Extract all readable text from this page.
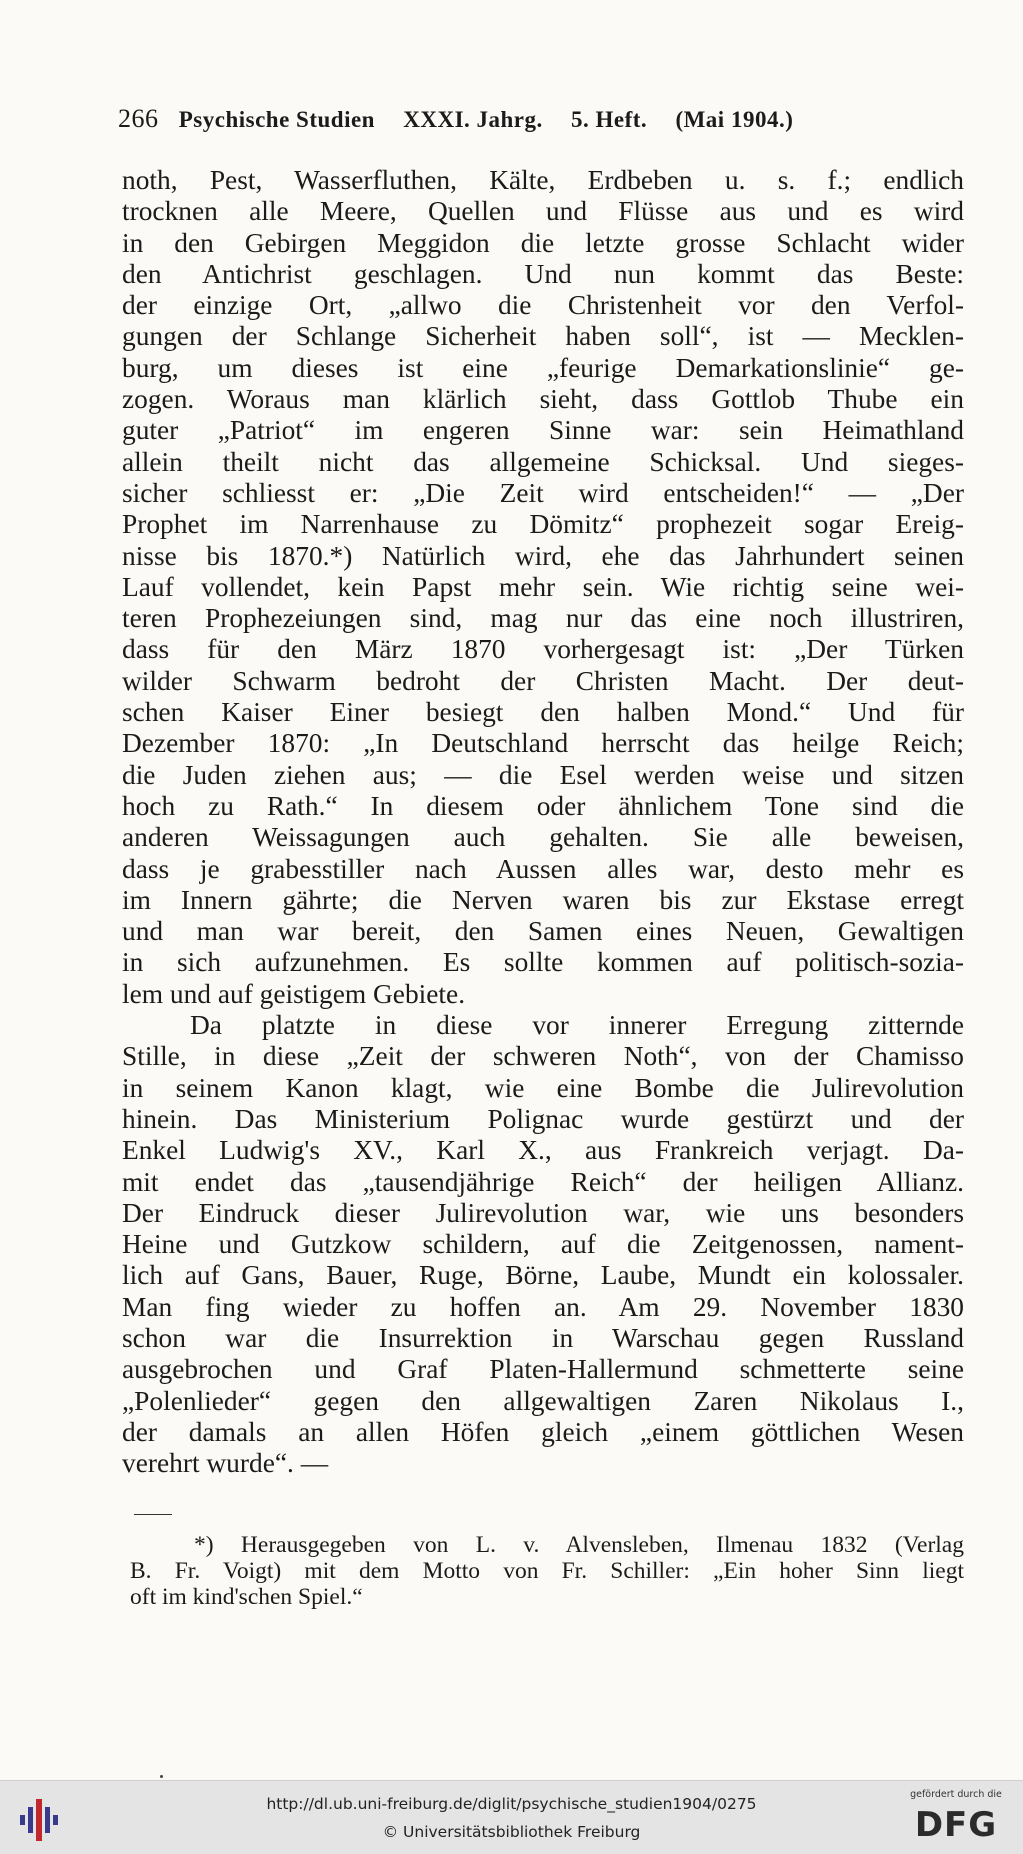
266 Psychische Studien XXXI. Jahrg. 5. Heft. (Mai 1904.)
noth, Pest, Wasserfluthen, Kälte, Erdbeben u. s. f.; endlich
trocknen alle Meere, Quellen und Flüsse aus und es wird
in den Gebirgen Meggidon die letzte grosse Schlacht wider
den Antichrist geschlagen. Und nun kommt das Beste:
der einzige Ort, „allwo die Christenheit vor den Verfol-
gungen der Schlange Sicherheit haben soll“, ist — Mecklen-
burg, um dieses ist eine „feurige Demarkationslinie“ ge-
zogen. Woraus man klärlich sieht, dass Gottlob Thube ein
guter „Patriot“ im engeren Sinne war: sein Heimathland
allein theilt nicht das allgemeine Schicksal. Und sieges-
sicher schliesst er: „Die Zeit wird entscheiden!“ — „Der
Prophet im Narrenhause zu Dömitz“ prophezeit sogar Ereig-
nisse bis 1870.*) Natürlich wird, ehe das Jahrhundert seinen
Lauf vollendet, kein Papst mehr sein. Wie richtig seine wei-
teren Prophezeiungen sind, mag nur das eine noch illustriren,
dass für den März 1870 vorhergesagt ist: „Der Türken
wilder Schwarm bedroht der Christen Macht. Der deut-
schen Kaiser Einer besiegt den halben Mond.“ Und für
Dezember 1870: „In Deutschland herrscht das heilge Reich;
die Juden ziehen aus; — die Esel werden weise und sitzen
hoch zu Rath.“ In diesem oder ähnlichem Tone sind die
anderen Weissagungen auch gehalten. Sie alle beweisen,
dass je grabesstiller nach Aussen alles war, desto mehr es
im Innern gährte; die Nerven waren bis zur Ekstase erregt
und man war bereit, den Samen eines Neuen, Gewaltigen
in sich aufzunehmen. Es sollte kommen auf politisch-sozia-
lem und auf geistigem Gebiete.
Da platzte in diese vor innerer Erregung zitternde
Stille, in diese „Zeit der schweren Noth“, von der Chamisso
in seinem Kanon klagt, wie eine Bombe die Julirevolution
hinein. Das Ministerium Polignac wurde gestürzt und der
Enkel Ludwig's XV., Karl X., aus Frankreich verjagt. Da-
mit endet das „tausendjährige Reich“ der heiligen Allianz.
Der Eindruck dieser Julirevolution war, wie uns besonders
Heine und Gutzkow schildern, auf die Zeitgenossen, nament-
lich auf Gans, Bauer, Ruge, Börne, Laube, Mundt ein kolossaler.
Man fing wieder zu hoffen an. Am 29. November 1830
schon war die Insurrektion in Warschau gegen Russland
ausgebrochen und Graf Platen-Hallermund schmetterte seine
„Polenlieder“ gegen den allgewaltigen Zaren Nikolaus I.,
der damals an allen Höfen gleich „einem göttlichen Wesen
verehrt wurde“. —
*) Herausgegeben von L. v. Alvensleben, Ilmenau 1832 (Verlag
B. Fr. Voigt) mit dem Motto von Fr. Schiller: „Ein hoher Sinn liegt
oft im kind'schen Spiel.“
http://dl.ub.uni-freiburg.de/diglit/psychische_studien1904/0275
© Universitätsbibliothek Freiburg
gefördert durch die
DFG
